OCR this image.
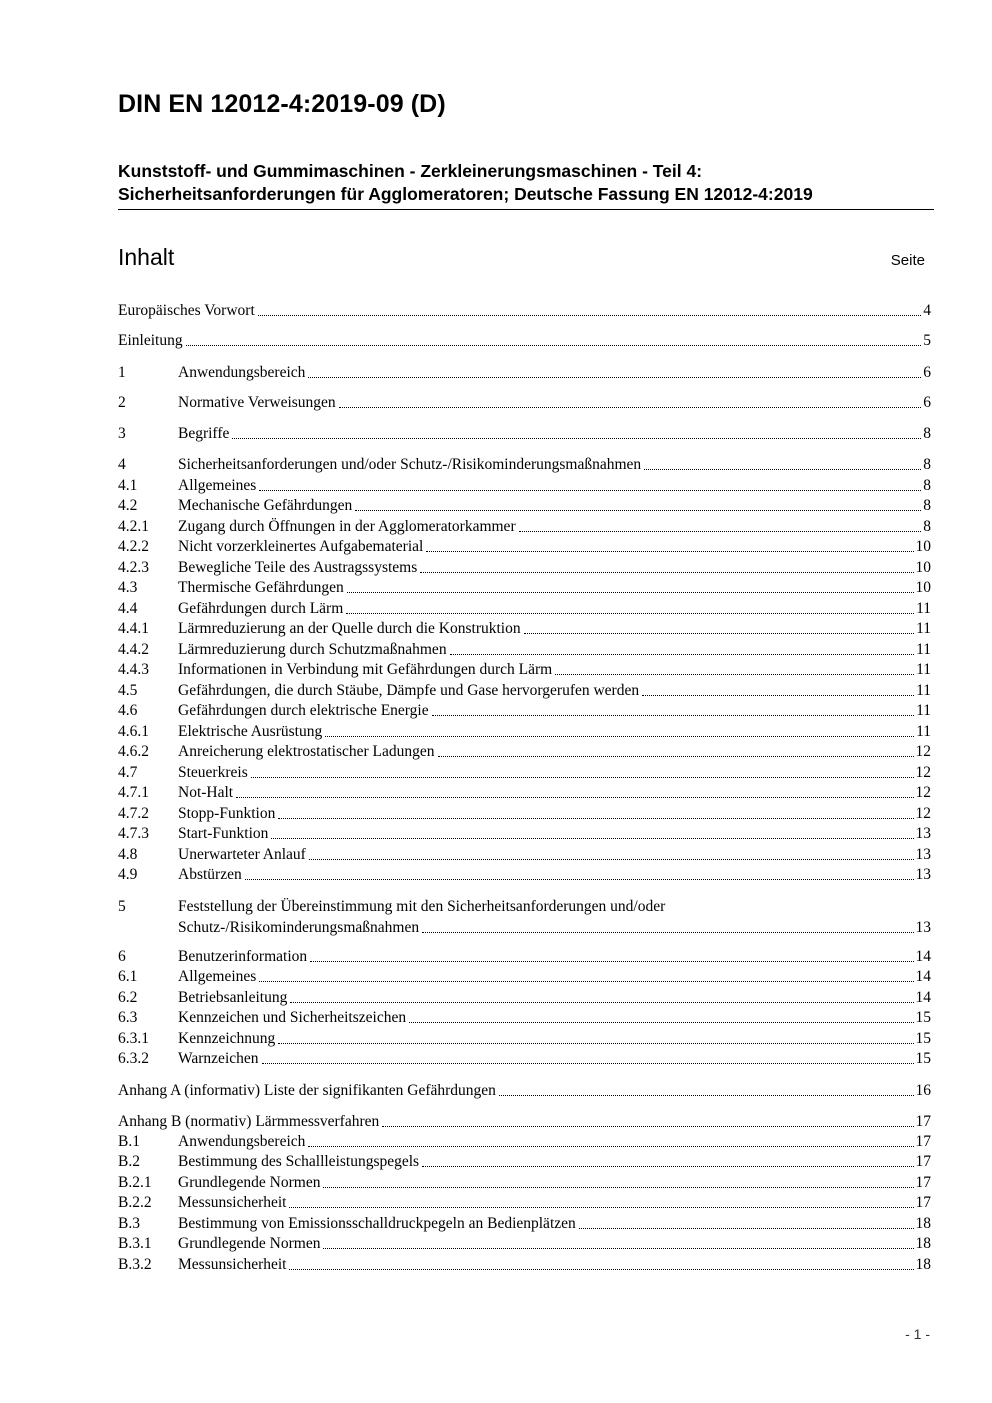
DIN EN 12012-4:2019-09 (D)
Kunststoff- und Gummimaschinen - Zerkleinerungsmaschinen - Teil 4:
Sicherheitsanforderungen für Agglomeratoren; Deutsche Fassung EN 12012-4:2019
Inhalt	Seite
Europäisches Vorwort	4
Einleitung	5
1	Anwendungsbereich	6
2	Normative Verweisungen	6
3	Begriffe	8
4	Sicherheitsanforderungen und/oder Schutz-/Risikominderungsmaßnahmen	8
4.1	Allgemeines	8
4.2	Mechanische Gefährdungen	8
4.2.1 Zugang durch Öffnungen in der Agglomeratorkammer	8
4.2.2 Nicht vorzerkleinertes Aufgabematerial	10
4.2.3 Bewegliche Teile des Austragssystems	10
4.3	Thermische Gefährdungen	10
4.4	Gefährdungen durch Lärm	11
4.4.1 Lärmreduzierung an der Quelle durch die Konstruktion	11
4.4.2 Lärmreduzierung durch Schutzmaßnahmen	11
4.4.3 Informationen in Verbindung mit Gefährdungen durch Lärm	11
4.5	Gefährdungen, die durch Stäube, Dämpfe und Gase hervorgerufen werden	11
4.6	Gefährdungen durch elektrische Energie	11
4.6.1 Elektrische Ausrüstung	11
4.6.2 Anreicherung elektrostatischer Ladungen	12
4.7	Steuerkreis	12
4.7.1 Not-Halt	12
4.7.2 Stopp-Funktion	12
4.7.3 Start-Funktion	13
4.8	Unerwarteter Anlauf	13
4.9	Abstürzen	13
5	Feststellung der Übereinstimmung mit den Sicherheitsanforderungen und/oder
Schutz-/Risikominderungsmaßnahmen	13
6	Benutzerinformation	14
6.1	Allgemeines	14
6.2	Betriebsanleitung	14
6.3	Kennzeichen und Sicherheitszeichen	15
6.3.1 Kennzeichnung	15
6.3.2 Warnzeichen	15
Anhang A (informativ) Liste der signifikanten Gefährdungen	16
Anhang B (normativ) Lärmmessverfahren	17
B.1 Anwendungsbereich	17
B.2 Bestimmung des Schallleistungspegels	17
B.2.1 Grundlegende Normen	17
B.2.2 Messunsicherheit	17
B.3 Bestimmung von Emissionsschalldruckpegeln an Bedienplätzen	18
B.3.1 Grundlegende Normen	18
B.3.2 Messunsicherheit	18
- 1 -
